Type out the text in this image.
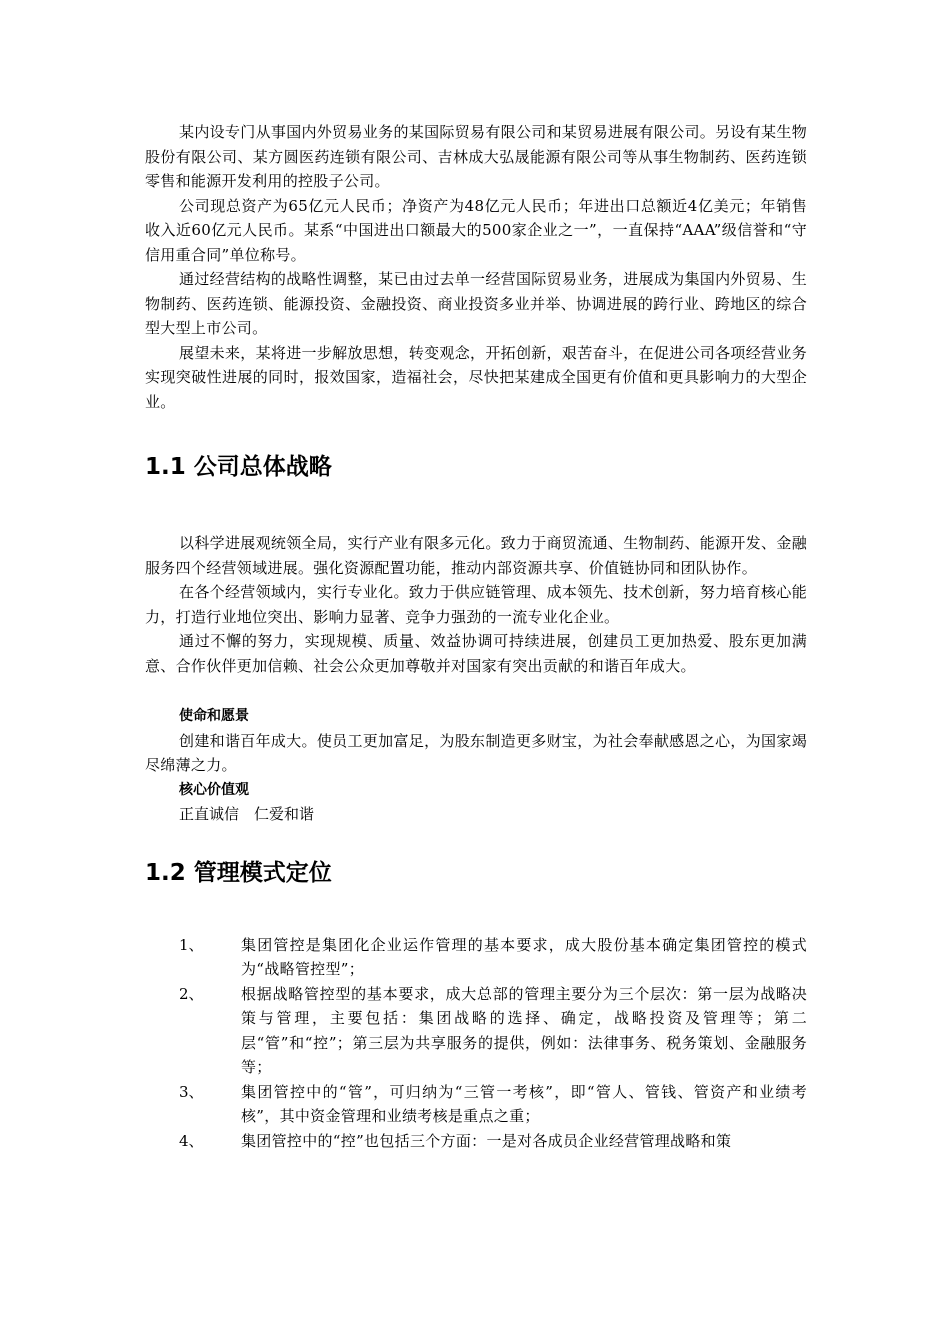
某内设专门从事国内外贸易业务的某国际贸易有限公司和某贸易进展有限公司。另设有某生物股份有限公司、某方圆医药连锁有限公司、吉林成大弘晟能源有限公司等从事生物制药、医药连锁零售和能源开发利用的控股子公司。

公司现总资产为65亿元人民币；净资产为48亿元人民币；年进出口总额近4亿美元；年销售收入近60亿元人民币。某系“中国进出口额最大的500家企业之一”，一直保持“AAA”级信誉和“守信用重合同”单位称号。

通过经营结构的战略性调整，某已由过去单一经营国际贸易业务，进展成为集国内外贸易、生物制药、医药连锁、能源投资、金融投资、商业投资多业并举、协调进展的跨行业、跨地区的综合型大型上市公司。

展望未来，某将进一步解放思想，转变观念，开拓创新，艰苦奋斗，在促进公司各项经营业务实现突破性进展的同时，报效国家，造福社会，尽快把某建成全国更有价值和更具影响力的大型企业。

1.1 公司总体战略

以科学进展观统领全局，实行产业有限多元化。致力于商贸流通、生物制药、能源开发、金融服务四个经营领域进展。强化资源配置功能，推动内部资源共享、价值链协同和团队协作。

在各个经营领域内，实行专业化。致力于供应链管理、成本领先、技术创新，努力培育核心能力，打造行业地位突出、影响力显著、竞争力强劲的一流专业化企业。

通过不懈的努力，实现规模、质量、效益协调可持续进展，创建员工更加热爱、股东更加满意、合作伙伴更加信赖、社会公众更加尊敬并对国家有突出贡献的和谐百年成大。

使命和愿景

创建和谐百年成大。使员工更加富足，为股东制造更多财宝，为社会奉献感恩之心，为国家竭尽绵薄之力。

核心价值观

正直诚信　仁爱和谐

1.2 管理模式定位
1、	集团管控是集团化企业运作管理的基本要求，成大股份基本确定集团管控的模式为“战略管控型”；
2、	根据战略管控型的基本要求，成大总部的管理主要分为三个层次：第一层为战略决策与管理，主要包括：集团战略的选择、确定，战略投资及管理等；第二层“管”和“控”；第三层为共享服务的提供，例如：法律事务、税务策划、金融服务等；
3、	集团管控中的“管”，可归纳为“三管一考核”，即“管人、管钱、管资产和业绩考核”，其中资金管理和业绩考核是重点之重；
4、	集团管控中的“控”也包括三个方面：一是对各成员企业经营管理战略和策
